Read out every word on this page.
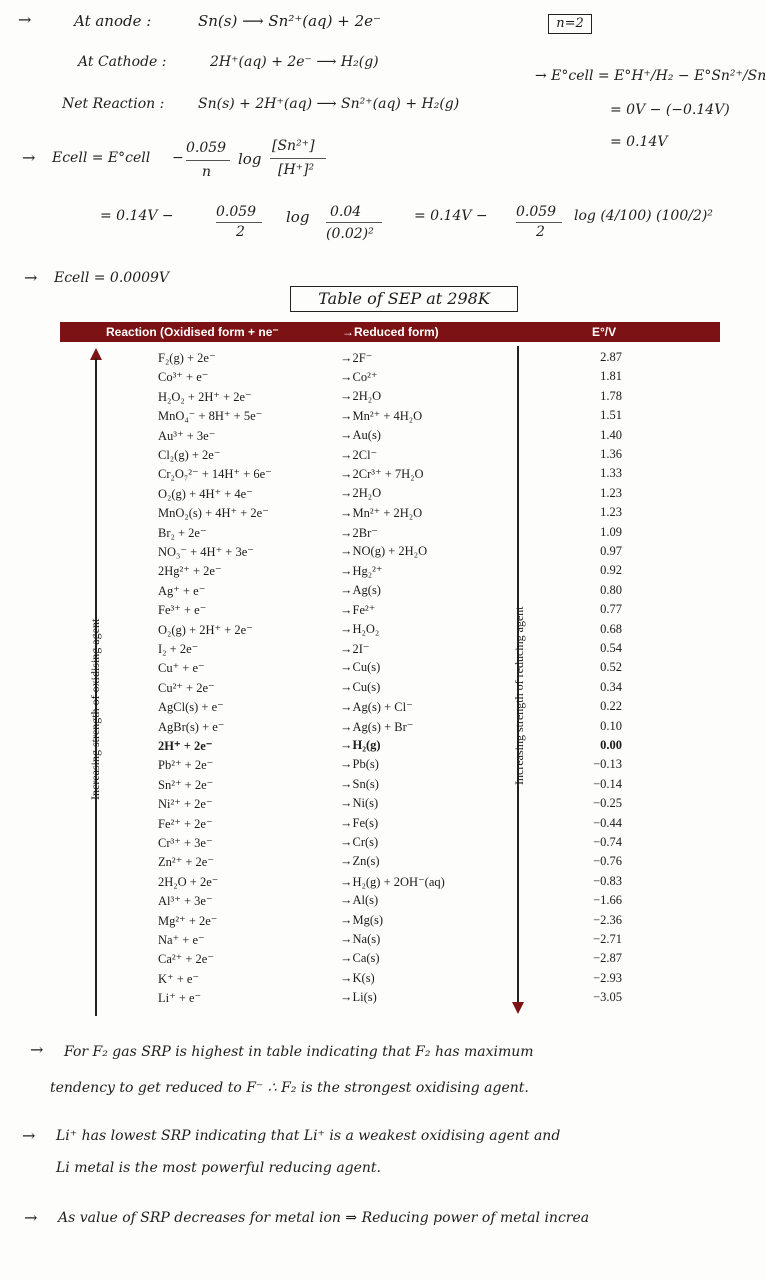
→	At anode :	Sn(s) ⟶ Sn²⁺(aq) + 2e⁻	n=2
At Cathode :	2H⁺(aq) + 2e⁻ ⟶ H₂(g)
→ E°cell = E°H⁺/H₂ − E°Sn²⁺/Sn
Net Reaction : Sn(s) + 2H⁺(aq) ⟶ Sn²⁺(aq) + H₂(g)	= 0V − (−0.14V)
= 0.14V
→ Ecell = E°cell −
0.059
n
log
[Sn²⁺]
[H⁺]²
= 0.14V −	0.059
2
log 0.04
(0.02)²
= 0.14V − 0.059
2
log (4/100) (100/2)²
→ Ecell = 0.0009V
Table of SEP at 298K
Reaction (Oxidised form + ne⁻	→Reduced form)	E°/V
Increasing strength of oxidising agent	Increasing strength of reducing agent
F₂(g) + 2e⁻	→2F⁻	2.87
Co³⁺ + e⁻	→Co²⁺	1.81
H₂O₂ + 2H⁺ + 2e⁻	→2H₂O	1.78
MnO₄⁻ + 8H⁺ + 5e⁻	→Mn²⁺ + 4H₂O	1.51
Au³⁺ + 3e⁻	→Au(s)	1.40
Cl₂(g) + 2e⁻	→2Cl⁻	1.36
Cr₂O₇²⁻ + 14H⁺ + 6e⁻	→2Cr³⁺ + 7H₂O	1.33
O₂(g) + 4H⁺ + 4e⁻	→2H₂O	1.23
MnO₂(s) + 4H⁺ + 2e⁻	→Mn²⁺ + 2H₂O	1.23
Br₂ + 2e⁻	→2Br⁻	1.09
NO₃⁻ + 4H⁺ + 3e⁻	→NO(g) + 2H₂O	0.97
2Hg²⁺ + 2e⁻	→Hg₂²⁺	0.92
Ag⁺ + e⁻	→Ag(s)	0.80
Fe³⁺ + e⁻	→Fe²⁺	0.77
O₂(g) + 2H⁺ + 2e⁻	→H₂O₂	0.68
I₂ + 2e⁻	→2I⁻	0.54
Cu⁺ + e⁻	→Cu(s)	0.52
Cu²⁺ + 2e⁻	→Cu(s)	0.34
AgCl(s) + e⁻	→Ag(s) + Cl⁻	0.22
AgBr(s) + e⁻	→Ag(s) + Br⁻	0.10
2H⁺ + 2e⁻	→H₂(g)	0.00
Pb²⁺ + 2e⁻	→Pb(s)	−0.13
Sn²⁺ + 2e⁻	→Sn(s)	−0.14
Ni²⁺ + 2e⁻	→Ni(s)	−0.25
Fe²⁺ + 2e⁻	→Fe(s)	−0.44
Cr³⁺ + 3e⁻	→Cr(s)	−0.74
Zn²⁺ + 2e⁻	→Zn(s)	−0.76
2H₂O + 2e⁻	→H₂(g) + 2OH⁻(aq)	−0.83
Al³⁺ + 3e⁻	→Al(s)	−1.66
Mg²⁺ + 2e⁻	→Mg(s)	−2.36
Na⁺ + e⁻	→Na(s)	−2.71
Ca²⁺ + 2e⁻	→Ca(s)	−2.87
K⁺ + e⁻	→K(s)	−2.93
Li⁺ + e⁻	→Li(s)	−3.05
→ For F₂ gas SRP is highest in table indicating that F₂ has maximum
tendency to get reduced to F⁻ ∴ F₂ is the strongest oxidising agent.
→ Li⁺ has lowest SRP indicating that Li⁺ is a weakest oxidising agent and
Li metal is the most powerful reducing agent.
→ As value of SRP decreases for metal ion ⇒ Reducing power of metal increa
